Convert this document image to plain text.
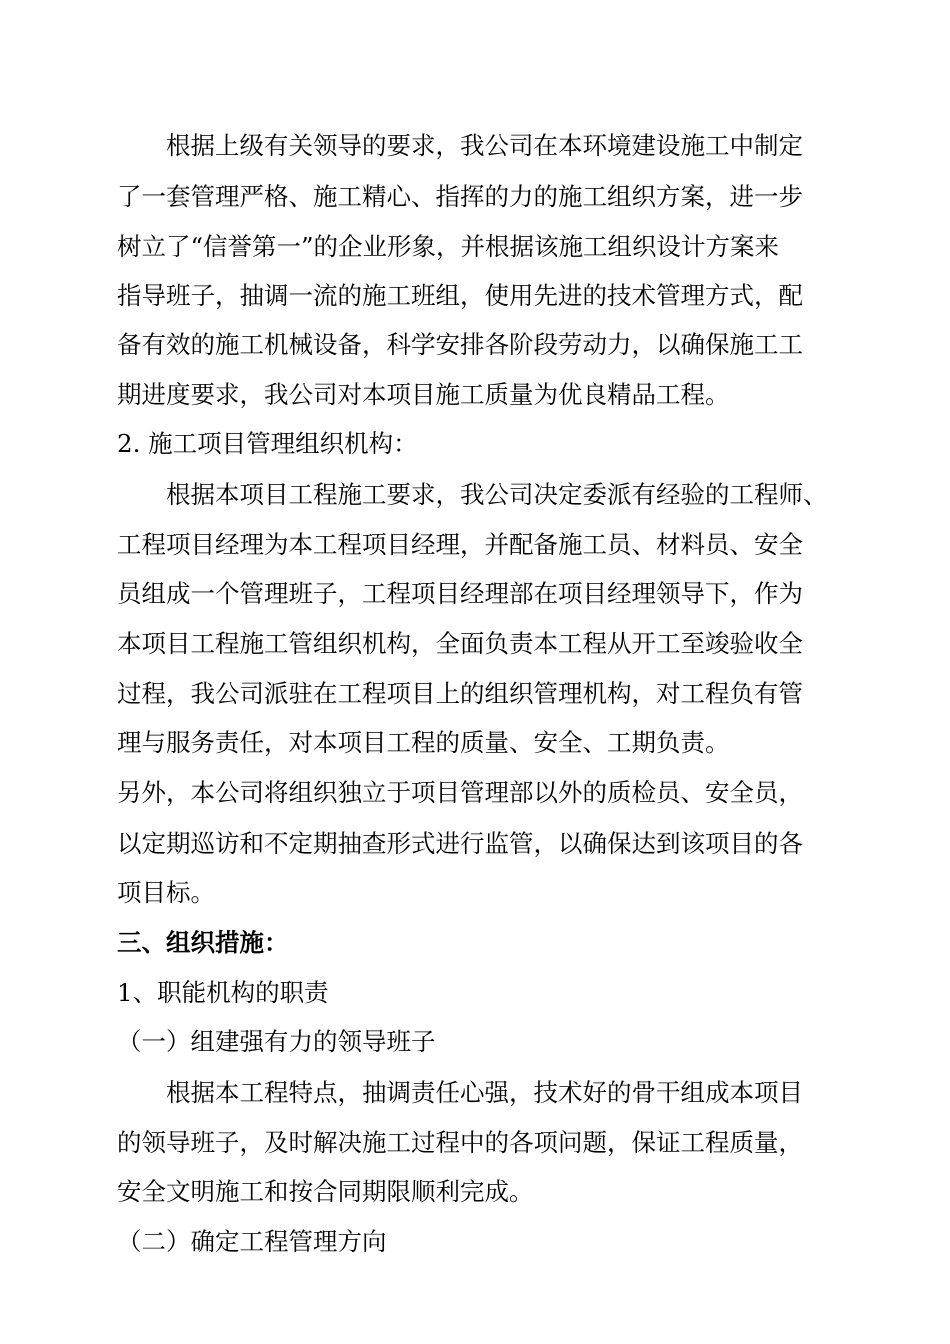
根据上级有关领导的要求，我公司在本环境建设施工中制定
了一套管理严格、施工精心、指挥的力的施工组织方案，进一步
树立了“信誉第一”的企业形象，并根据该施工组织设计方案来
指导班子，抽调一流的施工班组，使用先进的技术管理方式，配
备有效的施工机械设备，科学安排各阶段劳动力，以确保施工工
期进度要求，我公司对本项目施工质量为优良精品工程。
2. 施工项目管理组织机构：
根据本项目工程施工要求，我公司决定委派有经验的工程师、
工程项目经理为本工程项目经理，并配备施工员、材料员、安全
员组成一个管理班子，工程项目经理部在项目经理领导下，作为
本项目工程施工管组织机构，全面负责本工程从开工至竣验收全
过程，我公司派驻在工程项目上的组织管理机构，对工程负有管
理与服务责任，对本项目工程的质量、安全、工期负责。
另外，本公司将组织独立于项目管理部以外的质检员、安全员，
以定期巡访和不定期抽查形式进行监管，以确保达到该项目的各
项目标。
三、组织措施：
1、职能机构的职责
（一）组建强有力的领导班子
根据本工程特点，抽调责任心强，技术好的骨干组成本项目
的领导班子，及时解决施工过程中的各项问题，保证工程质量，
安全文明施工和按合同期限顺利完成。
（二）确定工程管理方向
